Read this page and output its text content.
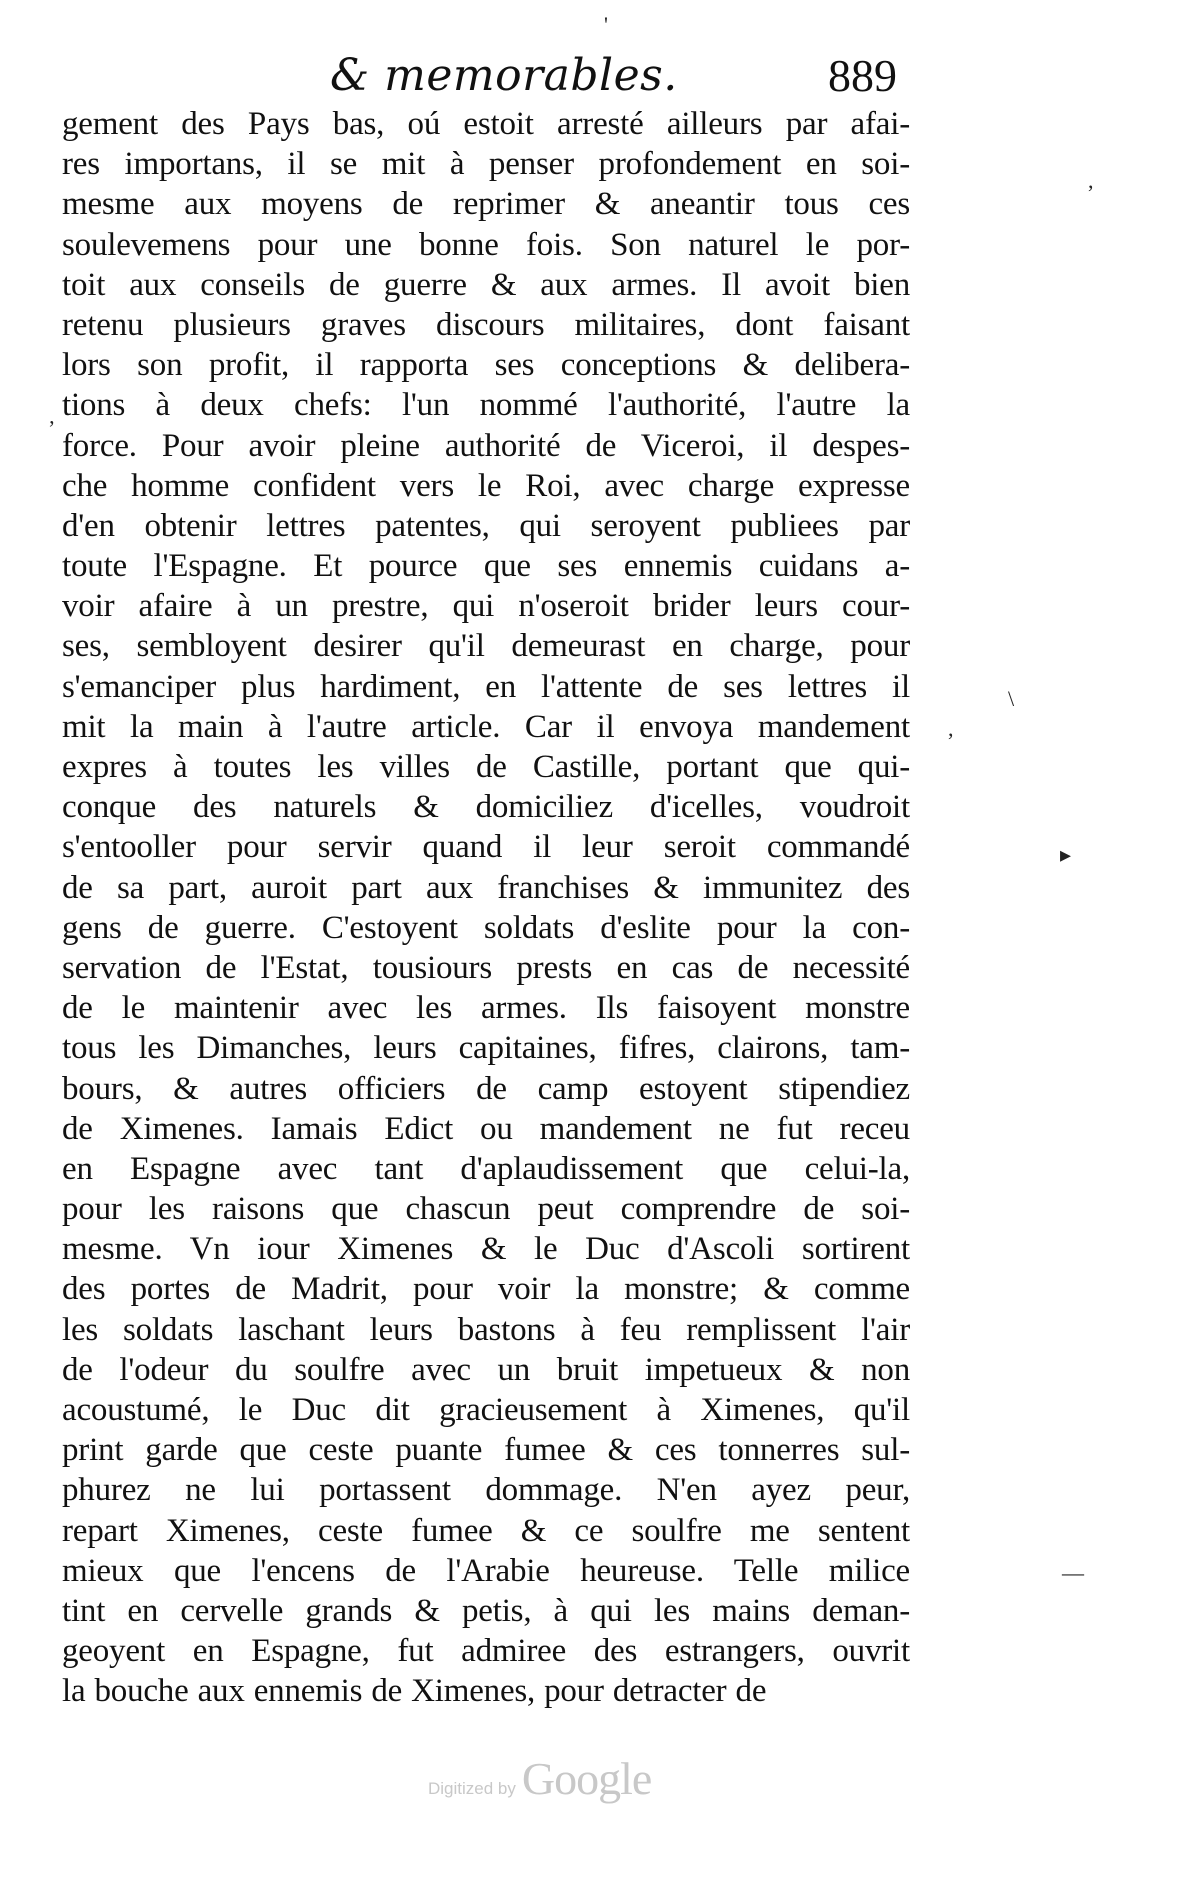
& memorables.	889
gement des Pays bas, oú estoit arresté ailleurs par afai-
res importans, il se mit à penser profondement en soi-
mesme aux moyens de reprimer & aneantir tous ces
soulevemens pour une bonne fois. Son naturel le por-
toit aux conseils de guerre & aux armes. Il avoit bien
retenu plusieurs graves discours militaires, dont faisant
lors son profit, il rapporta ses conceptions & delibera-
tions à deux chefs: l'un nommé l'authorité, l'autre la
force. Pour avoir pleine authorité de Viceroi, il despes-
che homme confident vers le Roi, avec charge expresse
d'en obtenir lettres patentes, qui seroyent publiees par
toute l'Espagne. Et pource que ses ennemis cuidans a-
voir afaire à un prestre, qui n'oseroit brider leurs cour-
ses, sembloyent desirer qu'il demeurast en charge, pour
s'emanciper plus hardiment, en l'attente de ses lettres il
mit la main à l'autre article. Car il envoya mandement
expres à toutes les villes de Castille, portant que qui-
conque des naturels & domiciliez d'icelles, voudroit
s'entooller pour servir quand il leur seroit commandé
de sa part, auroit part aux franchises & immunitez des
gens de guerre. C'estoyent soldats d'eslite pour la con-
servation de l'Estat, tousiours prests en cas de necessité
de le maintenir avec les armes. Ils faisoyent monstre
tous les Dimanches, leurs capitaines, fifres, clairons, tam-
bours, & autres officiers de camp estoyent stipendiez
de Ximenes. Iamais Edict ou mandement ne fut receu
en Espagne avec tant d'aplaudissement que celui-la,
pour les raisons que chascun peut comprendre de soi-
mesme. Vn iour Ximenes & le Duc d'Ascoli sortirent
des portes de Madrit, pour voir la monstre; & comme
les soldats laschant leurs bastons à feu remplissent l'air
de l'odeur du soulfre avec un bruit impetueux & non
acoustumé, le Duc dit gracieusement à Ximenes, qu'il
print garde que ceste puante fumee & ces tonnerres sul-
phurez ne lui portassent dommage. N'en ayez peur,
repart Ximenes, ceste fumee & ce soulfre me sentent
mieux que l'encens de l'Arabie heureuse. Telle milice
tint en cervelle grands & petis, à qui les mains deman-
geoyent en Espagne, fut admiree des estrangers, ouvrit
la bouche aux ennemis de Ximenes, pour detracter de
ʼ
,
\
,
▸
—
'
Digitized by Google
